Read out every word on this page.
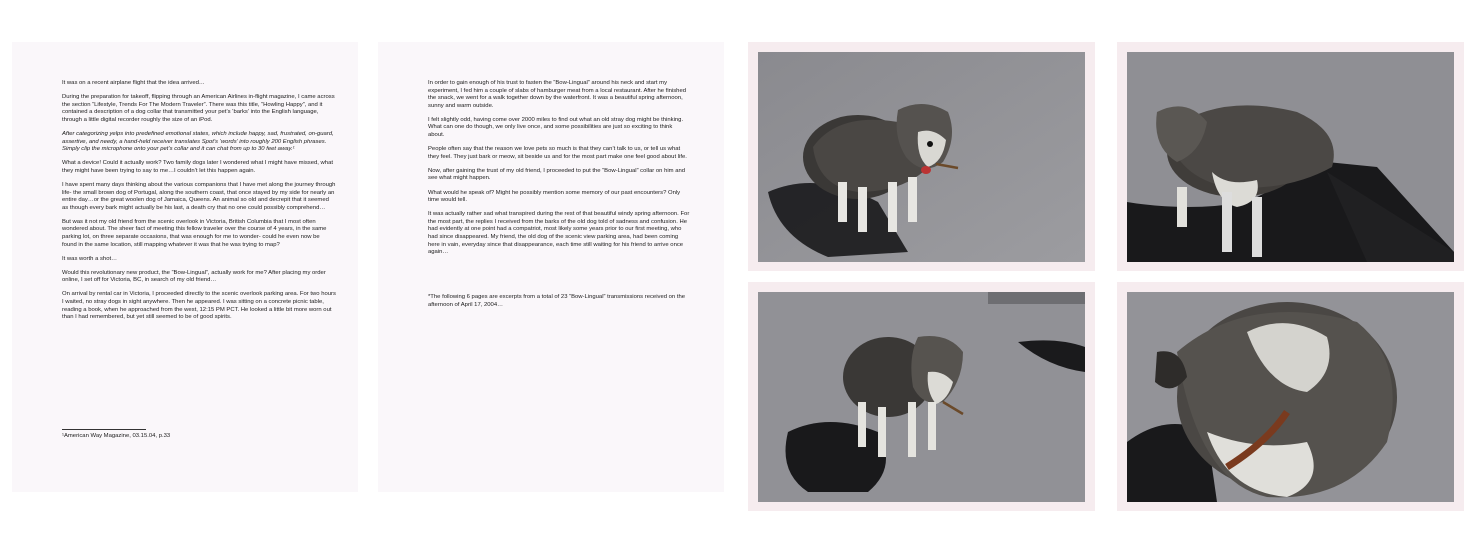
It was on a recent airplane flight that the idea arrived…

During the preparation for takeoff, flipping through an American Airlines in-flight magazine, I came across the section “Lifestyle, Trends For The Modern Traveler”. There was this title, “Howling Happy”, and it contained a description of a dog collar that transmitted your pet’s ‘barks’ into the English language, through a little digital recorder roughly the size of an iPod.

After categorizing yelps into predefined emotional states, which include happy, sad, frustrated, on-guard, assertive, and needy, a hand-held receiver translates Spot’s ‘words’ into roughly 200 English phrases. Simply clip the microphone onto your pet’s collar and it can chat from up to 30 feet away.¹

What a device! Could it actually work? Two family dogs later I wondered what I might have missed, what they might have been trying to say to me…I couldn’t let this happen again.

I have spent many days thinking about the various companions that I have met along the journey through life- the small brown dog of Portugal, along the southern coast, that once stayed by my side for nearly an entire day…or the great woolen dog of Jamaica, Queens. An animal so old and decrepit that it seemed as though every bark might actually be his last, a death cry that no one could possibly comprehend…

But was it not my old friend from the scenic overlook in Victoria, British Columbia that I most often wondered about. The sheer fact of meeting this fellow traveler over the course of 4 years, in the same parking lot, on three separate occasions, that was enough for me to wonder- could he even now be found in the same location, still mapping whatever it was that he was trying to map?

It was worth a shot…

Would this revolutionary new product, the “Bow-Lingual”, actually work for me? After placing my order online, I set off for Victoria, BC, in search of my old friend…

On arrival by rental car in Victoria, I proceeded directly to the scenic overlook parking area. For two hours I waited, no stray dogs in sight anywhere. Then he appeared. I was sitting on a concrete picnic table, reading a book, when he approached from the west, 12:15 PM PCT. He looked a little bit more worn out than I had remembered, but yet still seemed to be of good spirits.

¹American Way Magazine, 03.15.04, p.33

In order to gain enough of his trust to fasten the “Bow-Lingual” around his neck and start my experiment, I fed him a couple of slabs of hamburger meat from a local restaurant. After he finished the snack, we went for a walk together down by the waterfront. It was a beautiful spring afternoon, sunny and warm outside.

I felt slightly odd, having come over 2000 miles to find out what an old stray dog might be thinking. What can one do though, we only live once, and some possibilities are just so exciting to think about.

People often say that the reason we love pets so much is that they can’t talk to us, or tell us what they feel. They just bark or meow, sit beside us and for the most part make one feel good about life.

Now, after gaining the trust of my old friend, I proceeded to put the “Bow-Lingual” collar on him and see what might happen.

What would he speak of? Might he possibly mention some memory of our past encounters? Only time would tell.

It was actually rather sad what transpired during the rest of that beautiful windy spring afternoon. For the most part, the replies I received from the barks of the old dog told of sadness and confusion. He had evidently at one point had a compatriot, most likely some years prior to our first meeting, who had since disappeared. My friend, the old dog of the scenic view parking area, had been coming here in vain, everyday since that disappearance, each time still waiting for his friend to arrive once again…

*The following 6 pages are excerpts from a total of 23 “Bow-Lingual” transmissions received on the afternoon of April 17, 2004…
